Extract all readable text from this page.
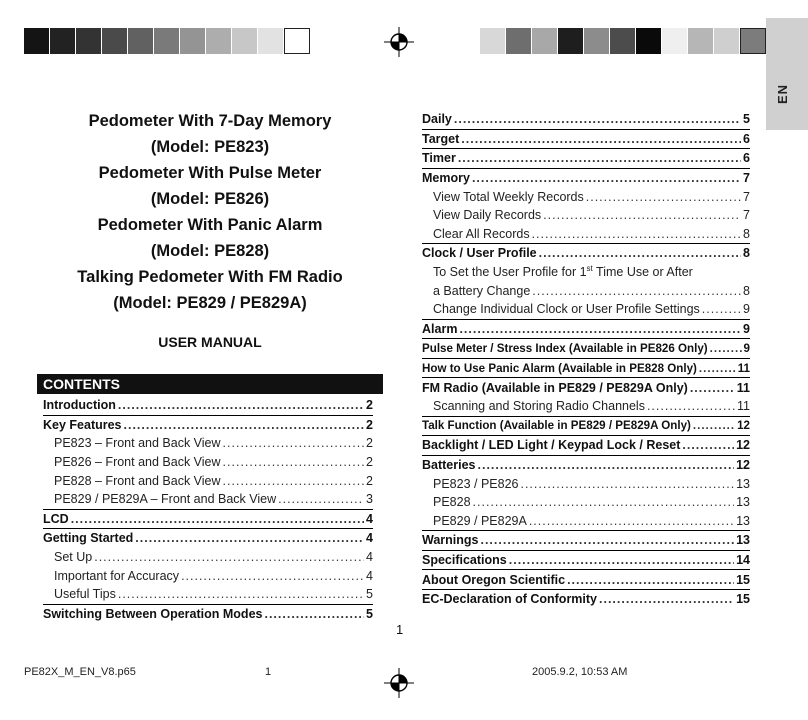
EN
Pedometer With 7-Day Memory
(Model: PE823)
Pedometer With Pulse Meter
(Model: PE826)
Pedometer With Panic Alarm
(Model: PE828)
Talking Pedometer With FM Radio
(Model: PE829 / PE829A)
USER MANUAL
CONTENTS
Introduction .....	2
Key Features .....	2
PE823 – Front and Back View .....	2
PE826 – Front and Back View .....	2
PE828 – Front and Back View .....	2
PE829 / PE829A – Front and Back View .....	3
LCD .....	4
Getting Started .....	4
Set Up .....	4
Important for Accuracy .....	4
Useful Tips .....	5
Switching Between Operation Modes .....	5
Daily .....	5
Target .....	6
Timer .....	6
Memory .....	7
View Total Weekly Records .....	7
View Daily Records .....	7
Clear All Records .....	8
Clock / User Profile .....	8
To Set the User Profile for 1st Time Use or After
a Battery Change .....	8
Change Individual Clock or User Profile Settings .....	9
Alarm .....	9
Pulse Meter / Stress Index (Available in PE826 Only) .....	9
How to Use Panic Alarm (Available in PE828 Only) .....	11
FM Radio (Available in PE829 / PE829A Only) .....	11
Scanning and Storing Radio Channels .....	11
Talk Function (Available in PE829 / PE829A Only) .....	12
Backlight / LED Light / Keypad Lock / Reset .....	12
Batteries .....	12
PE823 / PE826 .....	13
PE828 .....	13
PE829 / PE829A .....	13
Warnings .....	13
Specifications .....	14
About Oregon Scientific .....	15
EC-Declaration of Conformity .....	15
1
PE82X_M_EN_V8.p65	1	2005.9.2, 10:53 AM
